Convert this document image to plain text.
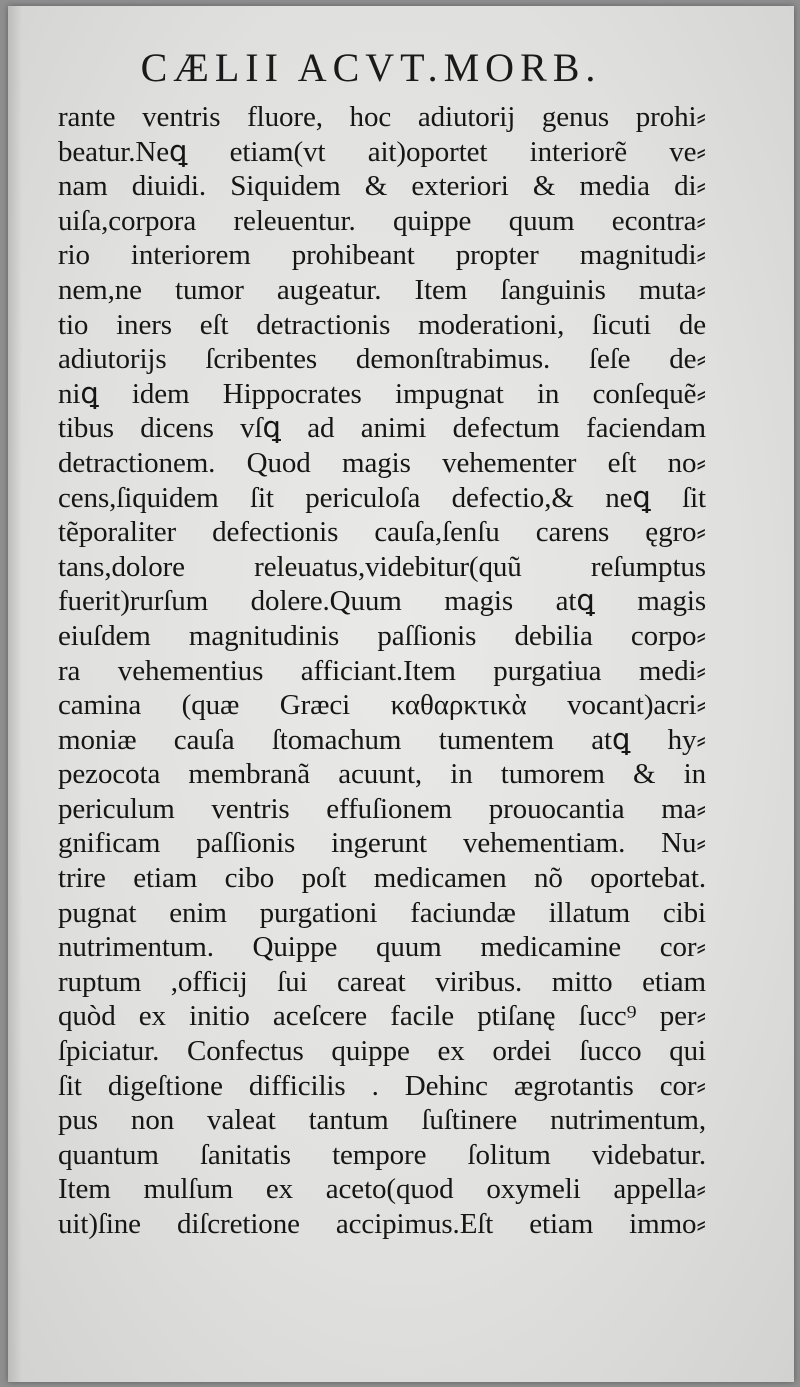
CÆLII ACVT.MORB.
rante ventris fluore, hoc adiutorij genus prohi⸗
beatur.Neꝗ etiam(vt ait)oportet interiorẽ ve⸗
nam diuidi. Siquidem & exteriori & media di⸗
uiſa,corpora releuentur. quippe quum econtra⸗
rio interiorem prohibeant propter magnitudi⸗
nem,ne tumor augeatur. Item ſanguinis muta⸗
tio iners eſt detractionis moderationi, ſicuti de
adiutorijs ſcribentes demonſtrabimus. ſeſe de⸗
niꝗ idem Hippocrates impugnat in conſequẽ⸗
tibus dicens vſꝗ ad animi defectum faciendam
detractionem. Quod magis vehementer eſt no⸗
cens,ſiquidem ſit periculoſa defectio,& neꝗ ſit
tẽporaliter defectionis cauſa,ſenſu carens ęgro⸗
tans,dolore releuatus,videbitur(quũ reſumptus
fuerit)rurſum dolere.Quum magis atꝗ magis
eiuſdem magnitudinis paſſionis debilia corpo⸗
ra vehementius afficiant.Item purgatiua medi⸗
camina (quæ Græci καθαρκτικὰ vocant)acri⸗
moniæ cauſa ſtomachum tumentem atꝗ hy⸗
pezocota membranã acuunt, in tumorem & in
periculum ventris effuſionem prouocantia ma⸗
gnificam paſſionis ingerunt vehementiam. Nu⸗
trire etiam cibo poſt medicamen nõ oportebat.
pugnat enim purgationi faciundæ illatum cibi
nutrimentum. Quippe quum medicamine cor⸗
ruptum ,officij ſui careat viribus. mitto etiam
quòd ex initio aceſcere facile ptiſanę ſucc⁹ per⸗
ſpiciatur. Confectus quippe ex ordei ſucco qui
ſit digeſtione difficilis . Dehinc ægrotantis cor⸗
pus non valeat tantum ſuſtinere nutrimentum,
quantum ſanitatis tempore ſolitum videbatur.
Item mulſum ex aceto(quod oxymeli appella⸗
uit)ſine diſcretione accipimus.Eſt etiam immo⸗
